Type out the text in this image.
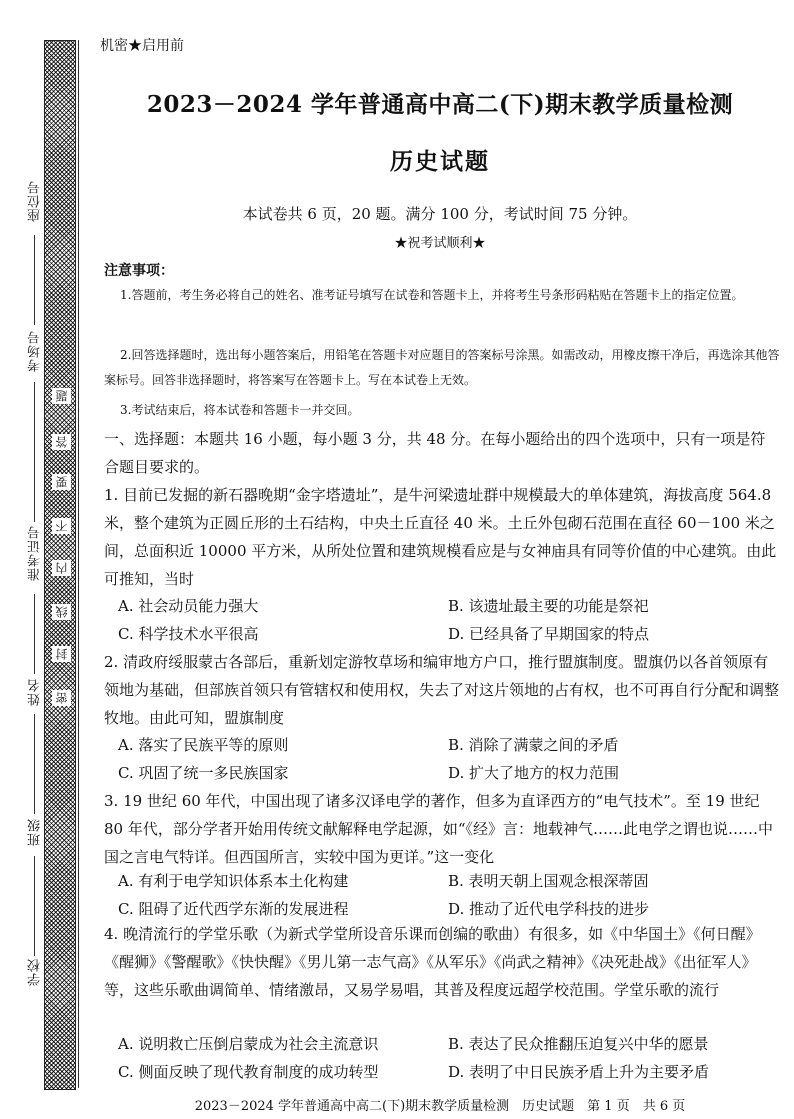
座位号
考场号
准考证号
姓名
班级
学校
题
答
要
不
内
线
封
密
机密★启用前
2023－2024 学年普通高中高二(下)期末教学质量检测
历史试题
本试卷共 6 页，20 题。满分 100 分，考试时间 75 分钟。
★祝考试顺利★
注意事项：
1.答题前，考生务必将自己的姓名、准考证号填写在试卷和答题卡上，并将考生号条形码粘贴在答题卡上的指定位置。
2.回答选择题时，选出每小题答案后，用铅笔在答题卡对应题目的答案标号涂黑。如需改动，用橡皮擦干净后，再选涂其他答案标号。回答非选择题时，将答案写在答题卡上。写在本试卷上无效。
3.考试结束后，将本试卷和答题卡一并交回。
一、选择题：本题共 16 小题，每小题 3 分，共 48 分。在每小题给出的四个选项中，只有一项是符合题目要求的。
1. 目前已发掘的新石器晚期“金字塔遗址”，是牛河梁遗址群中规模最大的单体建筑，海拔高度 564.8 米，整个建筑为正圆丘形的土石结构，中央土丘直径 40 米。土丘外包砌石范围在直径 60－100 米之间，总面积近 10000 平方米，从所处位置和建筑规模看应是与女神庙具有同等价值的中心建筑。由此可推知，当时
A. 社会动员能力强大	B. 该遗址最主要的功能是祭祀
C. 科学技术水平很高	D. 已经具备了早期国家的特点
2. 清政府绥服蒙古各部后，重新划定游牧草场和编审地方户口，推行盟旗制度。盟旗仍以各首领原有领地为基础，但部族首领只有管辖权和使用权，失去了对这片领地的占有权，也不可再自行分配和调整牧地。由此可知，盟旗制度
A. 落实了民族平等的原则	B. 消除了满蒙之间的矛盾
C. 巩固了统一多民族国家	D. 扩大了地方的权力范围
3. 19 世纪 60 年代，中国出现了诸多汉译电学的著作，但多为直译西方的“电气技术”。至 19 世纪 80 年代，部分学者开始用传统文献解释电学起源，如“《经》言：地载神气……此电学之谓也说……中国之言电气特详。但西国所言，实较中国为更详。”这一变化
A. 有利于电学知识体系本土化构建	B. 表明天朝上国观念根深蒂固
C. 阻碍了近代西学东渐的发展进程	D. 推动了近代电学科技的进步
4. 晚清流行的学堂乐歌（为新式学堂所设音乐课而创编的歌曲）有很多，如《中华国土》《何日醒》《醒狮》《警醒歌》《快快醒》《男儿第一志气高》《从军乐》《尚武之精神》《决死赴战》《出征军人》等，这些乐歌曲调简单、情绪激昂，又易学易唱，其普及程度远超学校范围。学堂乐歌的流行
A. 说明救亡压倒启蒙成为社会主流意识	B. 表达了民众推翻压迫复兴中华的愿景
C. 侧面反映了现代教育制度的成功转型	D. 表明了中日民族矛盾上升为主要矛盾
2023－2024 学年普通高中高二(下)期末教学质量检测　历史试题　第 1 页　共 6 页
